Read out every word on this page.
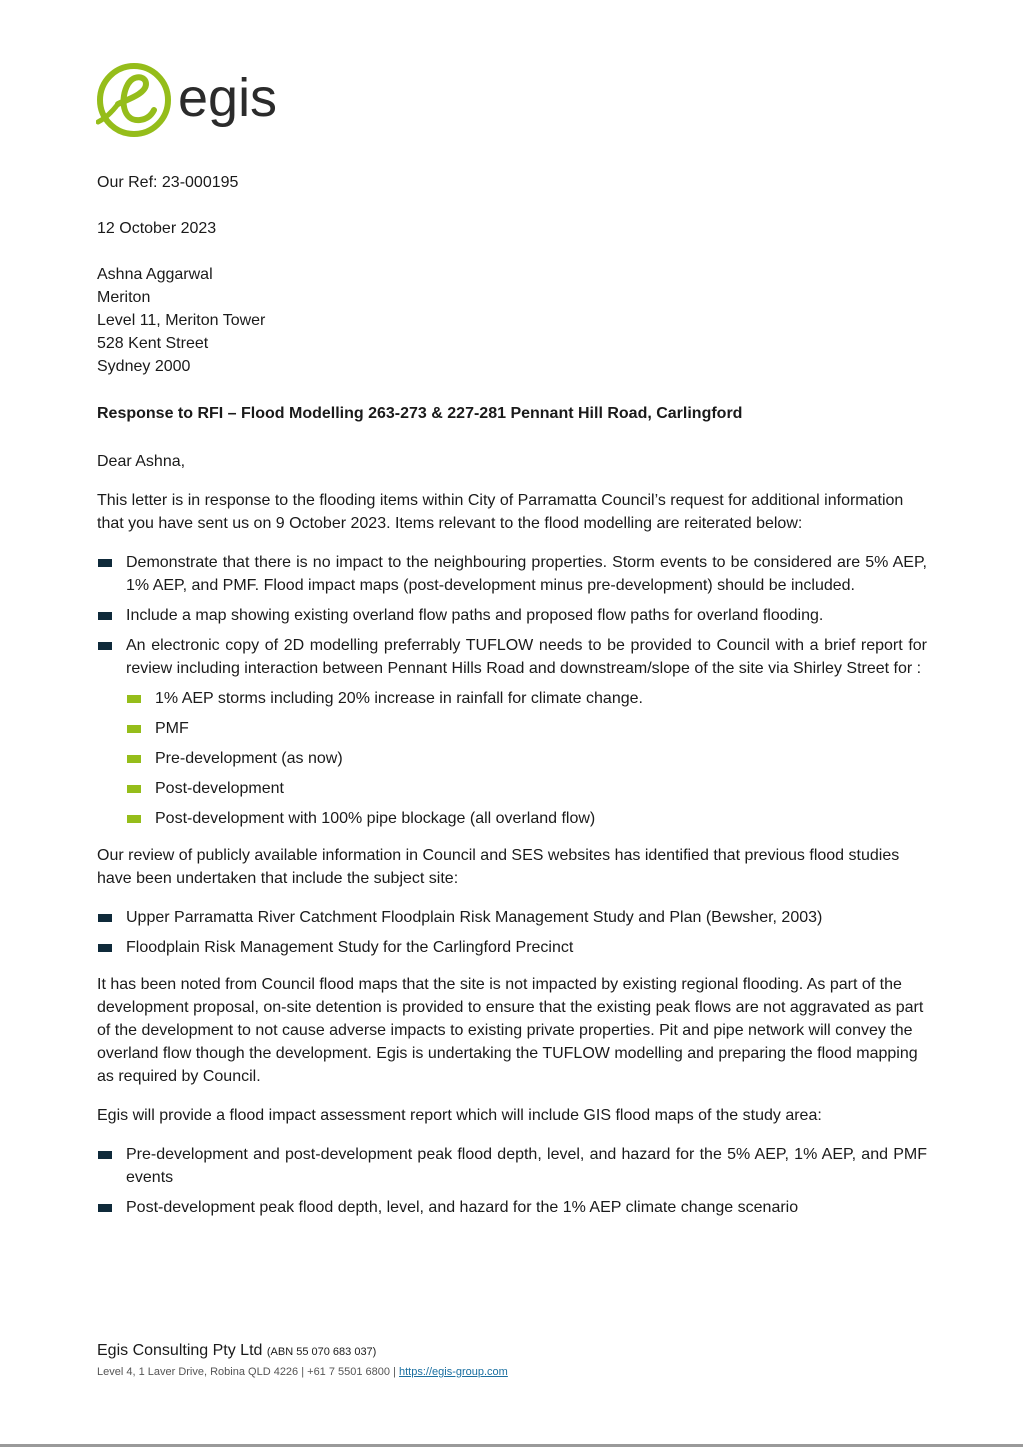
egis
Our Ref: 23-000195
12 October 2023
Ashna Aggarwal
Meriton
Level 11, Meriton Tower
528 Kent Street
Sydney 2000
Response to RFI – Flood Modelling 263-273 & 227-281 Pennant Hill Road, Carlingford
Dear Ashna,

This letter is in response to the flooding items within City of Parramatta Council’s request for additional information that you have sent us on 9 October 2023. Items relevant to the flood modelling are reiterated below:

Demonstrate that there is no impact to the neighbouring properties. Storm events to be considered are 5% AEP, 1% AEP, and PMF. Flood impact maps (post-development minus pre-development) should be included.
Include a map showing existing overland flow paths and proposed flow paths for overland flooding.
An electronic copy of 2D modelling preferrably TUFLOW needs to be provided to Council with a brief report for review including interaction between Pennant Hills Road and downstream/slope of the site via Shirley Street for :
1% AEP storms including 20% increase in rainfall for climate change.
PMF
Pre-development (as now)
Post-development
Post-development with 100% pipe blockage (all overland flow)

Our review of publicly available information in Council and SES websites has identified that previous flood studies have been undertaken that include the subject site:

Upper Parramatta River Catchment Floodplain Risk Management Study and Plan (Bewsher, 2003)
Floodplain Risk Management Study for the Carlingford Precinct

It has been noted from Council flood maps that the site is not impacted by existing regional flooding. As part of the development proposal, on-site detention is provided to ensure that the existing peak flows are not aggravated as part of the development to not cause adverse impacts to existing private properties. Pit and pipe network will convey the overland flow though the development. Egis is undertaking the TUFLOW modelling and preparing the flood mapping as required by Council.

Egis will provide a flood impact assessment report which will include GIS flood maps of the study area:

Pre-development and post-development peak flood depth, level, and hazard for the 5% AEP, 1% AEP, and PMF events
Post-development peak flood depth, level, and hazard for the 1% AEP climate change scenario
Egis Consulting Pty Ltd (ABN 55 070 683 037)
Level 4, 1 Laver Drive, Robina QLD 4226 | +61 7 5501 6800 | https://egis-group.com
